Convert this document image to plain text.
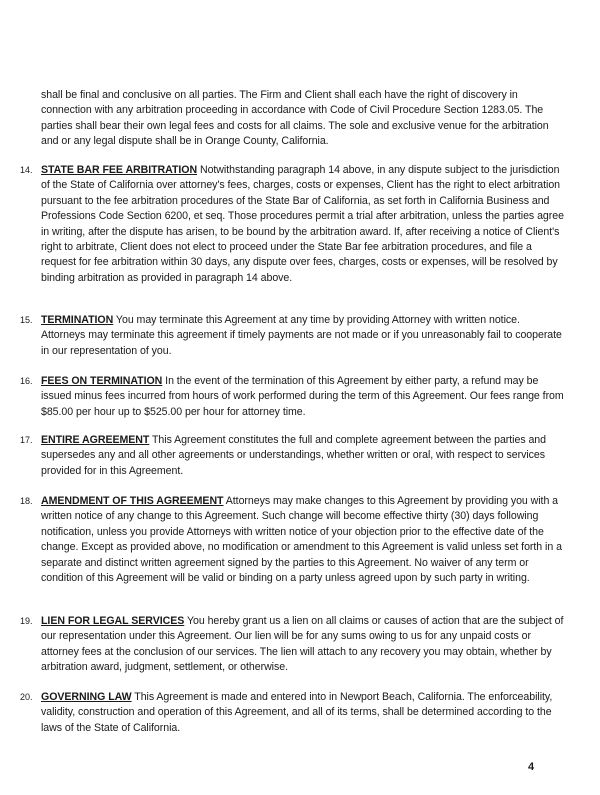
shall be final and conclusive on all parties. The Firm and Client shall each have the right of discovery in connection with any arbitration proceeding in accordance with Code of Civil Procedure Section 1283.05. The parties shall bear their own legal fees and costs for all claims. The sole and exclusive venue for the arbitration and or any legal dispute shall be in Orange County, California.
14. STATE BAR FEE ARBITRATION Notwithstanding paragraph 14 above, in any dispute subject to the jurisdiction of the State of California over attorney's fees, charges, costs or expenses, Client has the right to elect arbitration pursuant to the fee arbitration procedures of the State Bar of California, as set forth in California Business and Professions Code Section 6200, et seq. Those procedures permit a trial after arbitration, unless the parties agree in writing, after the dispute has arisen, to be bound by the arbitration award. If, after receiving a notice of Client's right to arbitrate, Client does not elect to proceed under the State Bar fee arbitration procedures, and file a request for fee arbitration within 30 days, any dispute over fees, charges, costs or expenses, will be resolved by binding arbitration as provided in paragraph 14 above.
15. TERMINATION You may terminate this Agreement at any time by providing Attorney with written notice. Attorneys may terminate this agreement if timely payments are not made or if you unreasonably fail to cooperate in our representation of you.
16. FEES ON TERMINATION In the event of the termination of this Agreement by either party, a refund may be issued minus fees incurred from hours of work performed during the term of this Agreement. Our fees range from $85.00 per hour up to $525.00 per hour for attorney time.
17. ENTIRE AGREEMENT This Agreement constitutes the full and complete agreement between the parties and supersedes any and all other agreements or understandings, whether written or oral, with respect to services provided for in this Agreement.
18. AMENDMENT OF THIS AGREEMENT Attorneys may make changes to this Agreement by providing you with a written notice of any change to this Agreement. Such change will become effective thirty (30) days following notification, unless you provide Attorneys with written notice of your objection prior to the effective date of the change. Except as provided above, no modification or amendment to this Agreement is valid unless set forth in a separate and distinct written agreement signed by the parties to this Agreement. No waiver of any term or condition of this Agreement will be valid or binding on a party unless agreed upon by such party in writing.
19. LIEN FOR LEGAL SERVICES You hereby grant us a lien on all claims or causes of action that are the subject of our representation under this Agreement. Our lien will be for any sums owing to us for any unpaid costs or attorney fees at the conclusion of our services. The lien will attach to any recovery you may obtain, whether by arbitration award, judgment, settlement, or otherwise.
20. GOVERNING LAW This Agreement is made and entered into in Newport Beach, California. The enforceability, validity, construction and operation of this Agreement, and all of its terms, shall be determined according to the laws of the State of California.
4
